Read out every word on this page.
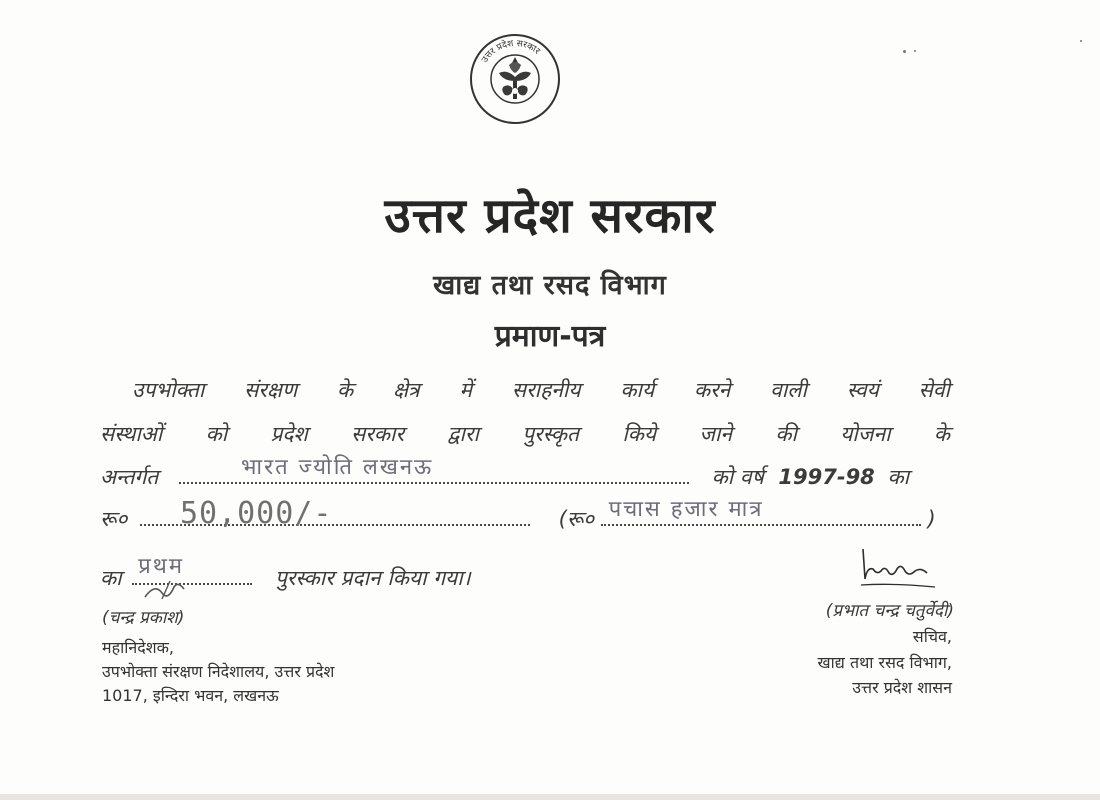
उत्तर प्रदेश सरकार
उत्तर प्रदेश सरकार
खाद्य तथा रसद विभाग
प्रमाण-पत्र
उपभोक्ता संरक्षण के क्षेत्र में सराहनीय कार्य करने वाली स्वयं सेवी
संस्थाओं को प्रदेश सरकार द्वारा पुरस्कृत किये जाने की योजना के
अन्तर्गत	भारत ज्योति लखनऊ	को वर्ष 1997-98 का
रू० 50,000/-	(रू० पचास हजार मात्र	)
का प्रथम	पुरस्कार प्रदान किया गया।
(चन्द्र प्रकाश)
महानिदेशक,
उपभोक्ता संरक्षण निदेशालय, उत्तर प्रदेश
1017, इन्दिरा भवन, लखनऊ
(प्रभात चन्द्र चतुर्वेदी)
सचिव,
खाद्य तथा रसद विभाग,
उत्तर प्रदेश शासन
